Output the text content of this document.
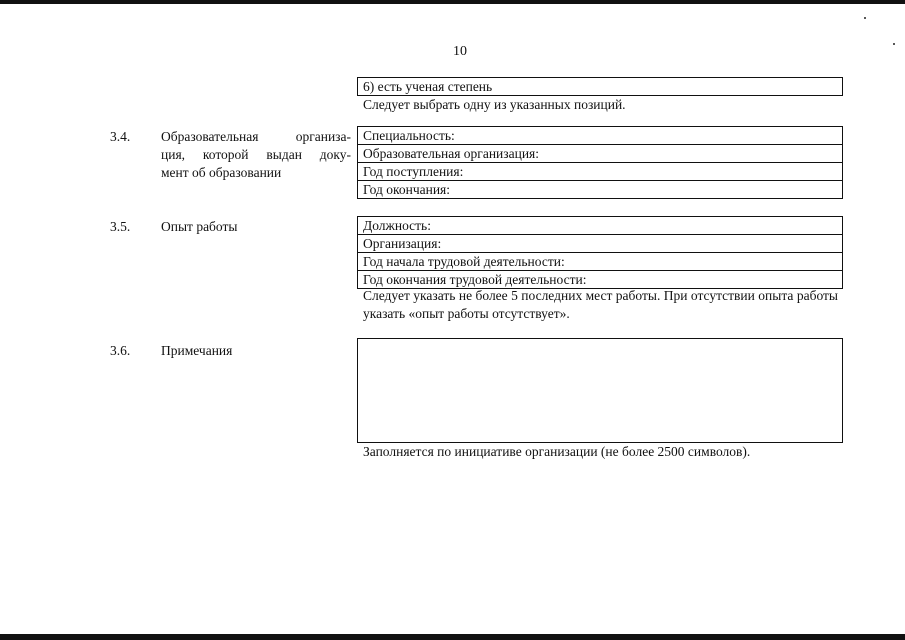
10
6) есть ученая степень
Следует выбрать одну из указанных позиций.
3.4. Образовательная организа-
ция, которой выдан доку-
мент об образовании
Специальность:
Образовательная организация:
Год поступления:
Год окончания:
3.5. Опыт работы	Должность:
Организация:
Год начала трудовой деятельности:
Год окончания трудовой деятельности:
Следует указать не более 5 последних мест работы. При отсутствии опыта работы указать «опыт работы отсутствует».
3.6. Примечания
Заполняется по инициативе организации (не более 2500 символов).
